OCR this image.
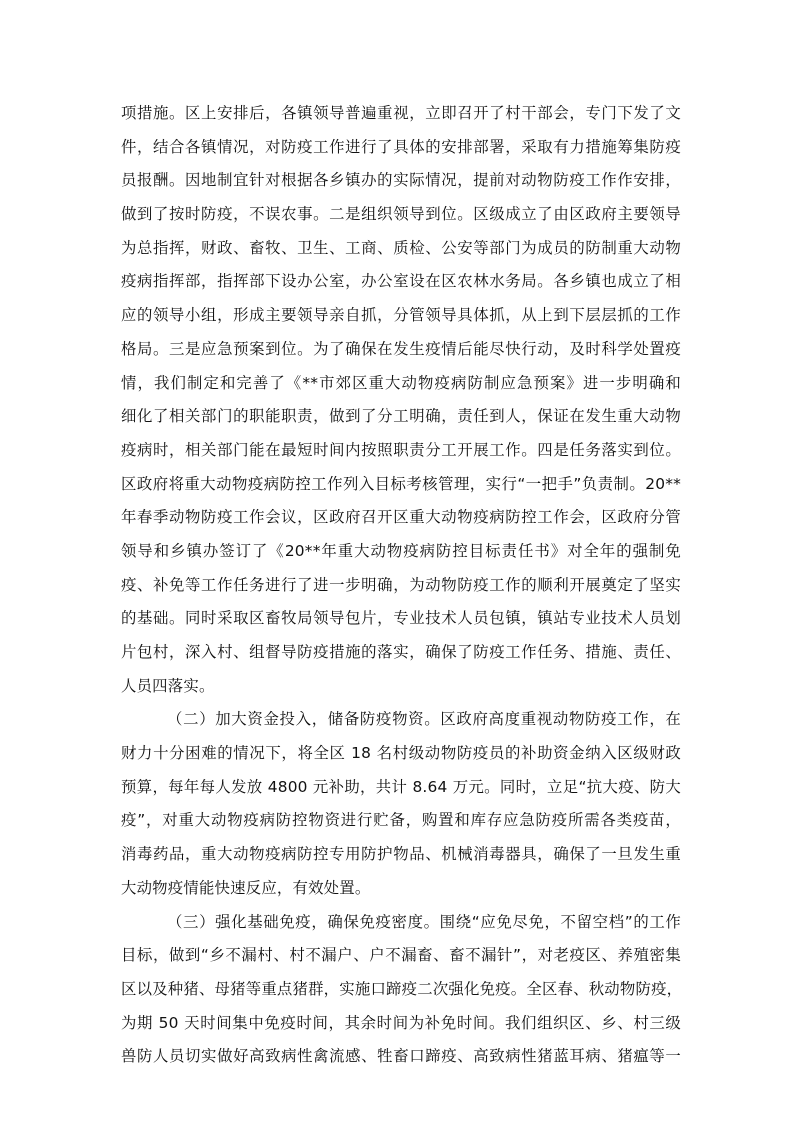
项措施。区上安排后，各镇领导普遍重视，立即召开了村干部会，专门下发了文
件，结合各镇情况，对防疫工作进行了具体的安排部署，采取有力措施筹集防疫
员报酬。因地制宜针对根据各乡镇办的实际情况，提前对动物防疫工作作安排，
做到了按时防疫，不误农事。二是组织领导到位。区级成立了由区政府主要领导
为总指挥，财政、畜牧、卫生、工商、质检、公安等部门为成员的防制重大动物
疫病指挥部，指挥部下设办公室，办公室设在区农林水务局。各乡镇也成立了相
应的领导小组，形成主要领导亲自抓，分管领导具体抓，从上到下层层抓的工作
格局。三是应急预案到位。为了确保在发生疫情后能尽快行动，及时科学处置疫
情，我们制定和完善了《**市郊区重大动物疫病防制应急预案》进一步明确和
细化了相关部门的职能职责，做到了分工明确，责任到人，保证在发生重大动物
疫病时，相关部门能在最短时间内按照职责分工开展工作。四是任务落实到位。
区政府将重大动物疫病防控工作列入目标考核管理，实行“一把手”负责制。20**
年春季动物防疫工作会议，区政府召开区重大动物疫病防控工作会，区政府分管
领导和乡镇办签订了《20**年重大动物疫病防控目标责任书》对全年的强制免
疫、补免等工作任务进行了进一步明确，为动物防疫工作的顺利开展奠定了坚实
的基础。同时采取区畜牧局领导包片，专业技术人员包镇，镇站专业技术人员划
片包村，深入村、组督导防疫措施的落实，确保了防疫工作任务、措施、责任、
人员四落实。
（二）加大资金投入，储备防疫物资。区政府高度重视动物防疫工作，在
财力十分困难的情况下，将全区 18 名村级动物防疫员的补助资金纳入区级财政
预算，每年每人发放 4800 元补助，共计 8.64 万元。同时，立足“抗大疫、防大
疫”，对重大动物疫病防控物资进行贮备，购置和库存应急防疫所需各类疫苗，
消毒药品，重大动物疫病防控专用防护物品、机械消毒器具，确保了一旦发生重
大动物疫情能快速反应，有效处置。
（三）强化基础免疫，确保免疫密度。围绕“应免尽免，不留空档”的工作
目标，做到“乡不漏村、村不漏户、户不漏畜、畜不漏针”，对老疫区、养殖密集
区以及种猪、母猪等重点猪群，实施口蹄疫二次强化免疫。全区春、秋动物防疫，
为期 50 天时间集中免疫时间，其余时间为补免时间。我们组织区、乡、村三级
兽防人员切实做好高致病性禽流感、牲畜口蹄疫、高致病性猪蓝耳病、猪瘟等一
